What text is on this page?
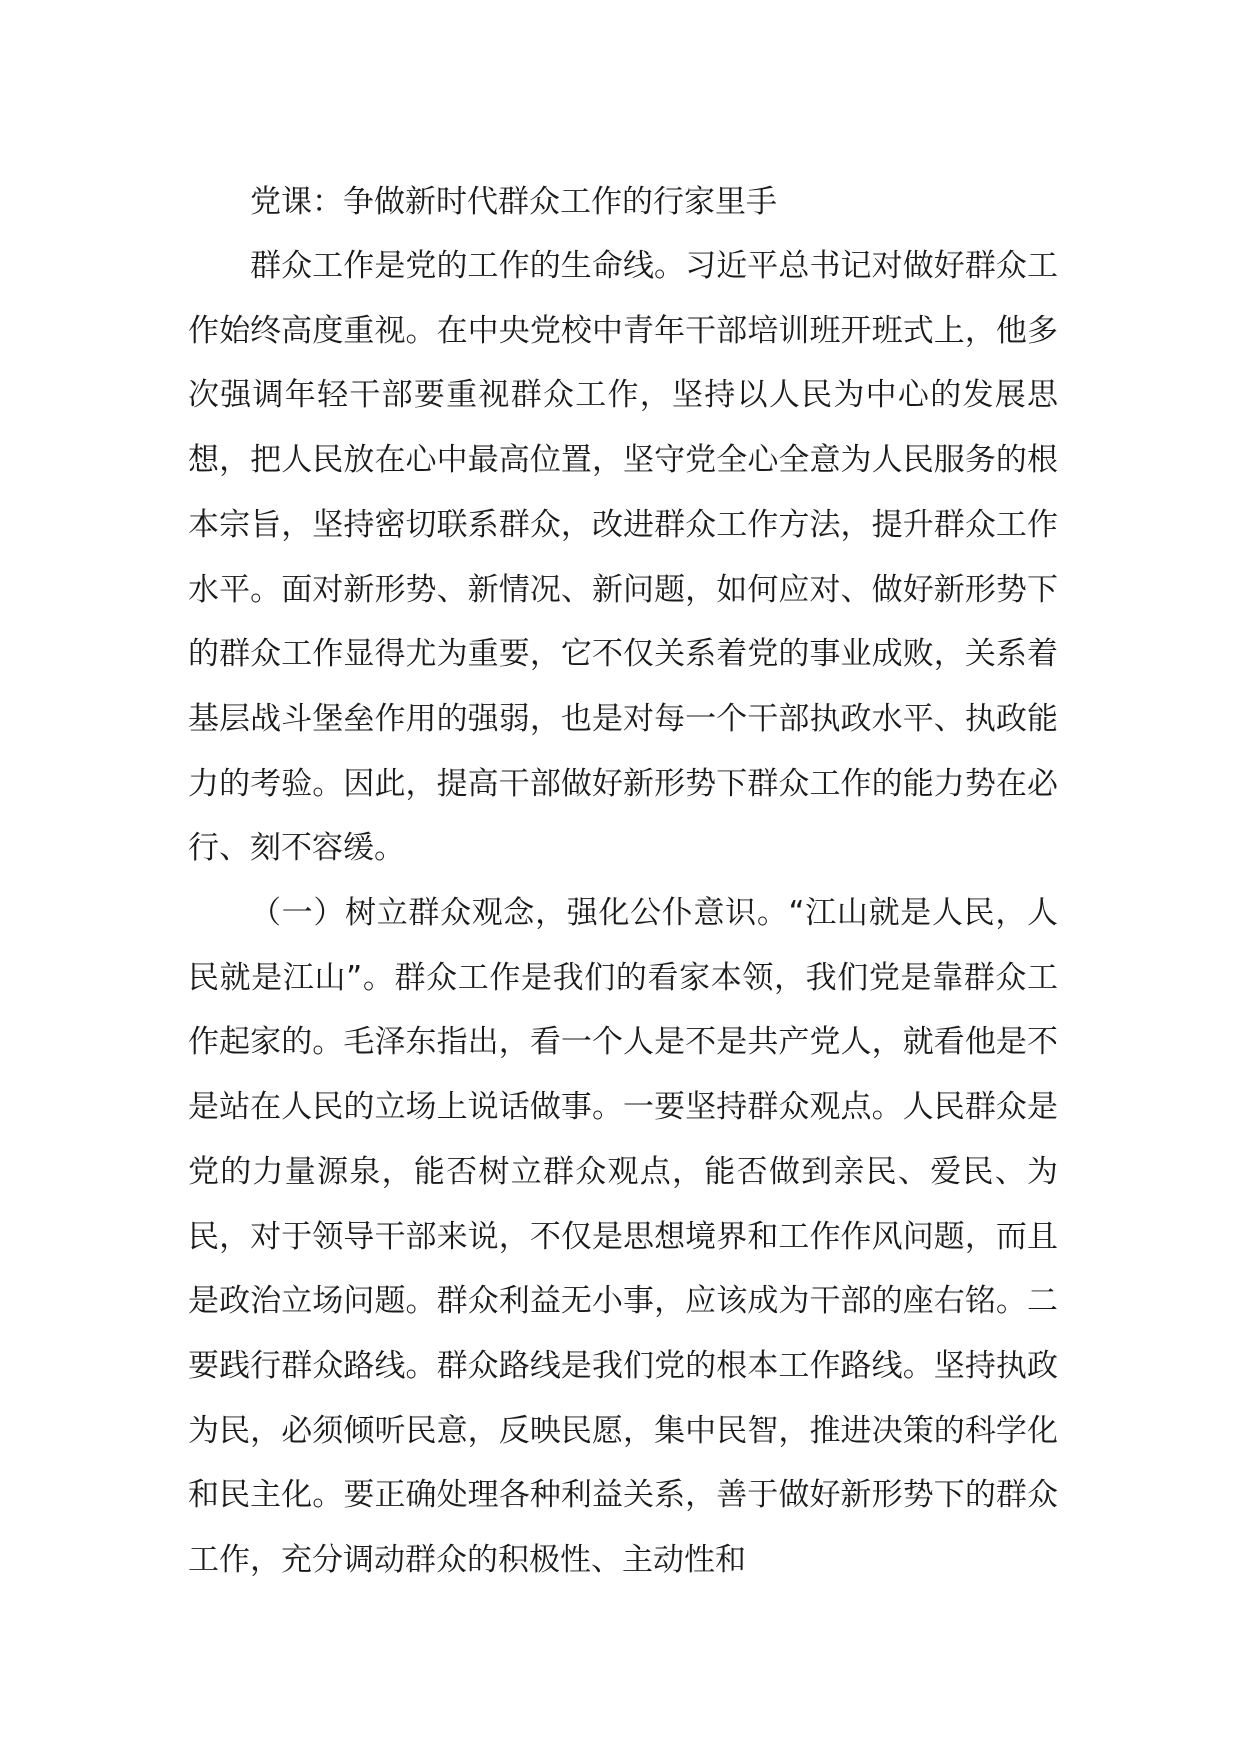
党课：争做新时代群众工作的行家里手

群众工作是党的工作的生命线。习近平总书记对做好群众工作始终高度重视。在中央党校中青年干部培训班开班式上，他多次强调年轻干部要重视群众工作，坚持以人民为中心的发展思想，把人民放在心中最高位置，坚守党全心全意为人民服务的根本宗旨，坚持密切联系群众，改进群众工作方法，提升群众工作水平。面对新形势、新情况、新问题，如何应对、做好新形势下的群众工作显得尤为重要，它不仅关系着党的事业成败，关系着基层战斗堡垒作用的强弱，也是对每一个干部执政水平、执政能力的考验。因此，提高干部做好新形势下群众工作的能力势在必行、刻不容缓。

（一）树立群众观念，强化公仆意识。“江山就是人民，人民就是江山”。群众工作是我们的看家本领，我们党是靠群众工作起家的。毛泽东指出，看一个人是不是共产党人，就看他是不是站在人民的立场上说话做事。一要坚持群众观点。人民群众是党的力量源泉，能否树立群众观点，能否做到亲民、爱民、为民，对于领导干部来说，不仅是思想境界和工作作风问题，而且是政治立场问题。群众利益无小事，应该成为干部的座右铭。二要践行群众路线。群众路线是我们党的根本工作路线。坚持执政为民，必须倾听民意，反映民愿，集中民智，推进决策的科学化和民主化。要正确处理各种利益关系，善于做好新形势下的群众工作，充分调动群众的积极性、主动性和
